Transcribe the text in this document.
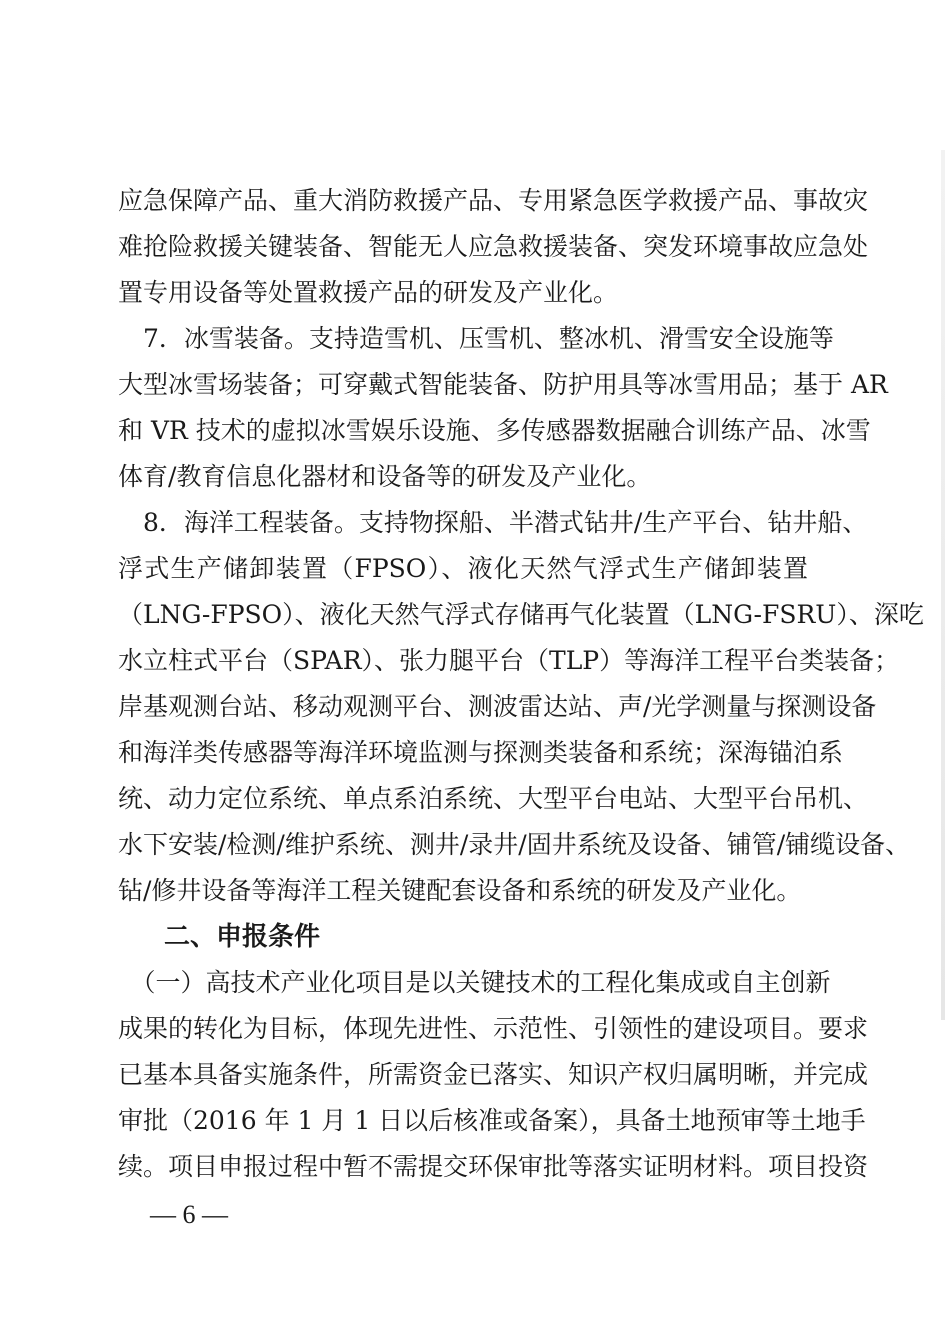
应急保障产品、重大消防救援产品、专用紧急医学救援产品、事故灾
难抢险救援关键装备、智能无人应急救援装备、突发环境事故应急处
置专用设备等处置救援产品的研发及产业化。
　7．冰雪装备。支持造雪机、压雪机、整冰机、滑雪安全设施等
大型冰雪场装备；可穿戴式智能装备、防护用具等冰雪用品；基于 AR
和 VR 技术的虚拟冰雪娱乐设施、多传感器数据融合训练产品、冰雪
体育/教育信息化器材和设备等的研发及产业化。
　8．海洋工程装备。支持物探船、半潜式钻井/生产平台、钻井船、
浮式生产储卸装置（FPSO）、液化天然气浮式生产储卸装置
（LNG-FPSO）、液化天然气浮式存储再气化装置（LNG-FSRU）、深吃
水立柱式平台（SPAR）、张力腿平台（TLP）等海洋工程平台类装备；
岸基观测台站、移动观测平台、测波雷达站、声/光学测量与探测设备
和海洋类传感器等海洋环境监测与探测类装备和系统；深海锚泊系
统、动力定位系统、单点系泊系统、大型平台电站、大型平台吊机、
水下安装/检测/维护系统、测井/录井/固井系统及设备、铺管/铺缆设备、
钻/修井设备等海洋工程关键配套设备和系统的研发及产业化。
二、申报条件
　（一）高技术产业化项目是以关键技术的工程化集成或自主创新
成果的转化为目标，体现先进性、示范性、引领性的建设项目。要求
已基本具备实施条件，所需资金已落实、知识产权归属明晰，并完成
审批（2016 年 1 月 1 日以后核准或备案），具备土地预审等土地手
续。项目申报过程中暂不需提交环保审批等落实证明材料。项目投资
— 6 —
